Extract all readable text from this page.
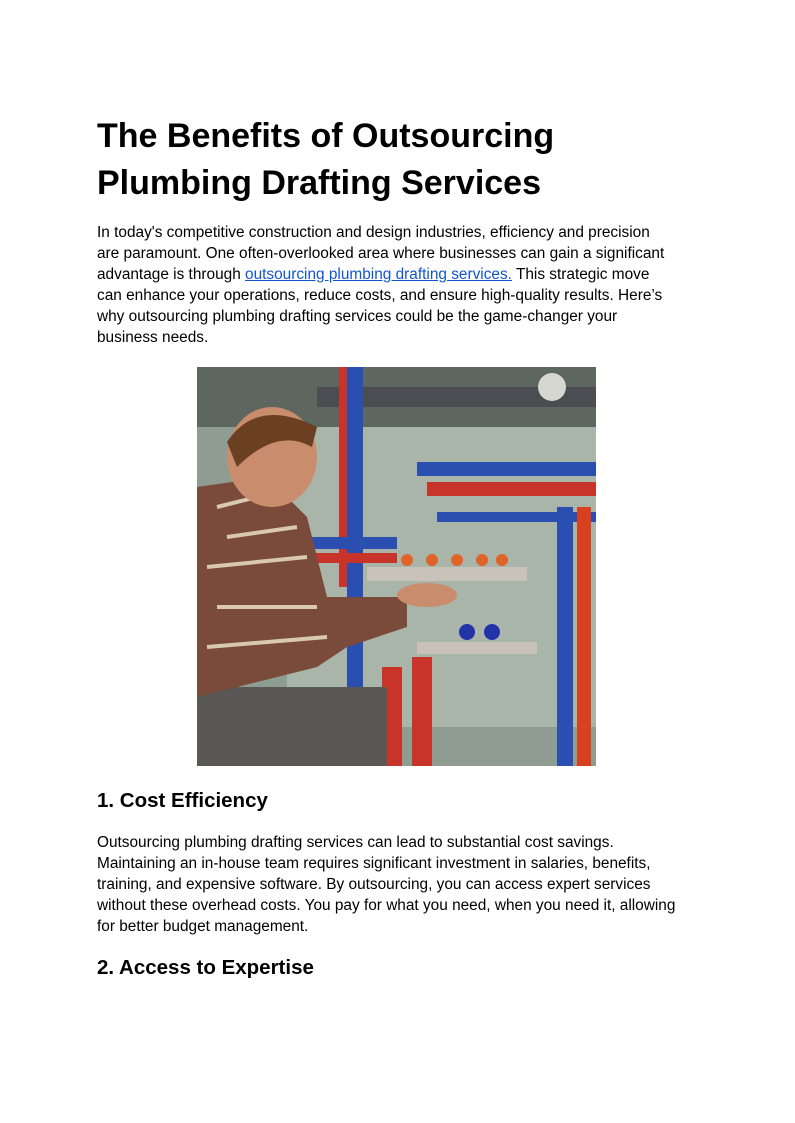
The Benefits of Outsourcing
Plumbing Drafting Services

In today's competitive construction and design industries, efficiency and precision
are paramount. One often-overlooked area where businesses can gain a significant
advantage is through outsourcing plumbing drafting services. This strategic move
can enhance your operations, reduce costs, and ensure high-quality results. Here’s
why outsourcing plumbing drafting services could be the game-changer your
business needs.

1. Cost Efficiency

Outsourcing plumbing drafting services can lead to substantial cost savings.
Maintaining an in-house team requires significant investment in salaries, benefits,
training, and expensive software. By outsourcing, you can access expert services
without these overhead costs. You pay for what you need, when you need it, allowing
for better budget management.

2. Access to Expertise
